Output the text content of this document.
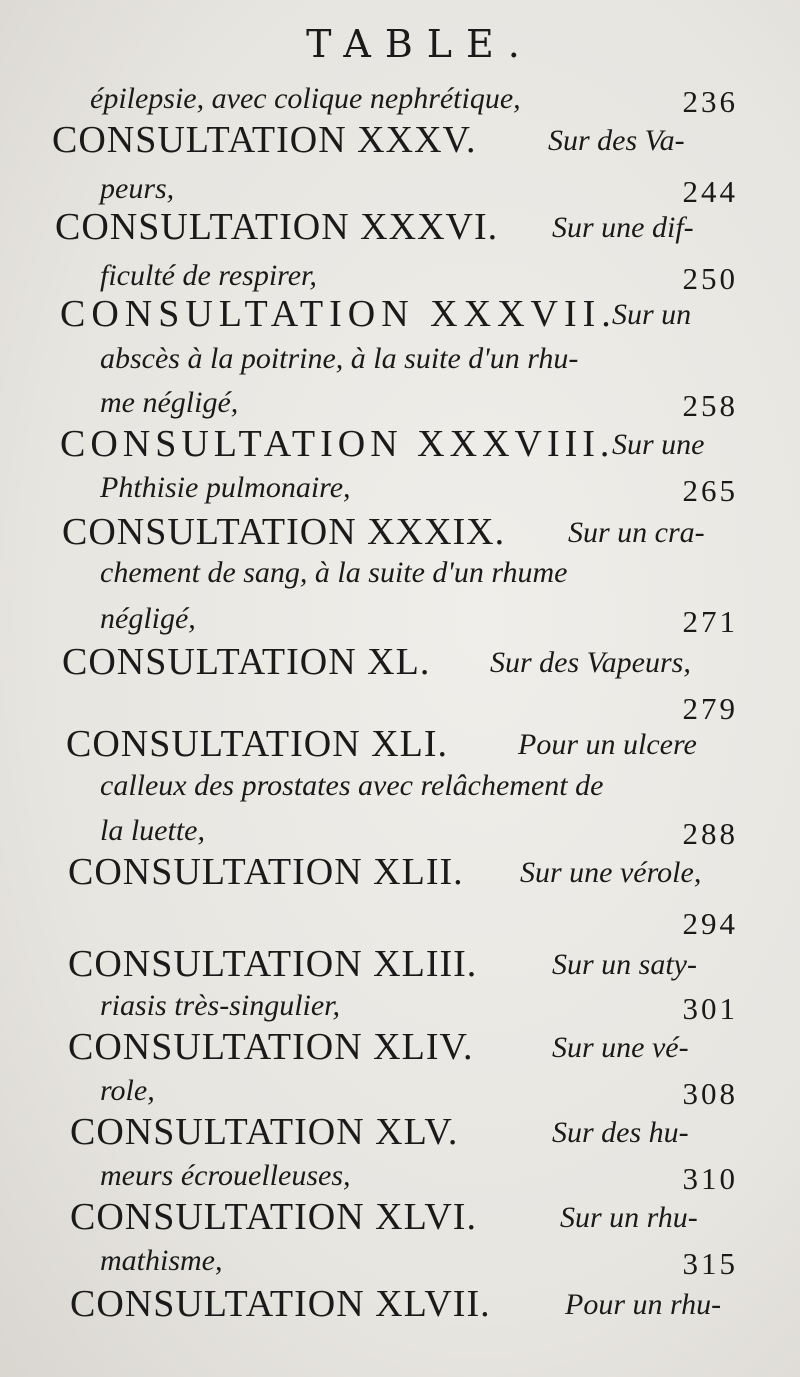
TABLE.
épilepsie, avec colique nephrétique,	236
CONSULTATION XXXV. Sur des Va-
peurs,	244
CONSULTATION XXXVI. Sur une dif-
ficulté de respirer,	250
CONSULTATION XXXVII.
Sur un
abscès à la poitrine, à la suite d'un rhu-
me négligé,	258
CONSULTATION XXXVIII.
Sur une
Phthisie pulmonaire,	265
CONSULTATION XXXIX. Sur un cra-
chement de sang, à la suite d'un rhume
négligé,	271
CONSULTATION XL. Sur des Vapeurs,
279
CONSULTATION XLI. Pour un ulcere
calleux des prostates avec relâchement de
la luette,	288
CONSULTATION XLII. Sur une vérole,
294
CONSULTATION XLIII. Sur un saty-
riasis très-singulier,	301
CONSULTATION XLIV.	Sur une vé-
role,	308
CONSULTATION XLV.	Sur des hu-
meurs écrouelleuses,	310
CONSULTATION XLVI.	Sur un rhu-
mathisme,	315
CONSULTATION XLVII. Pour un rhu-
